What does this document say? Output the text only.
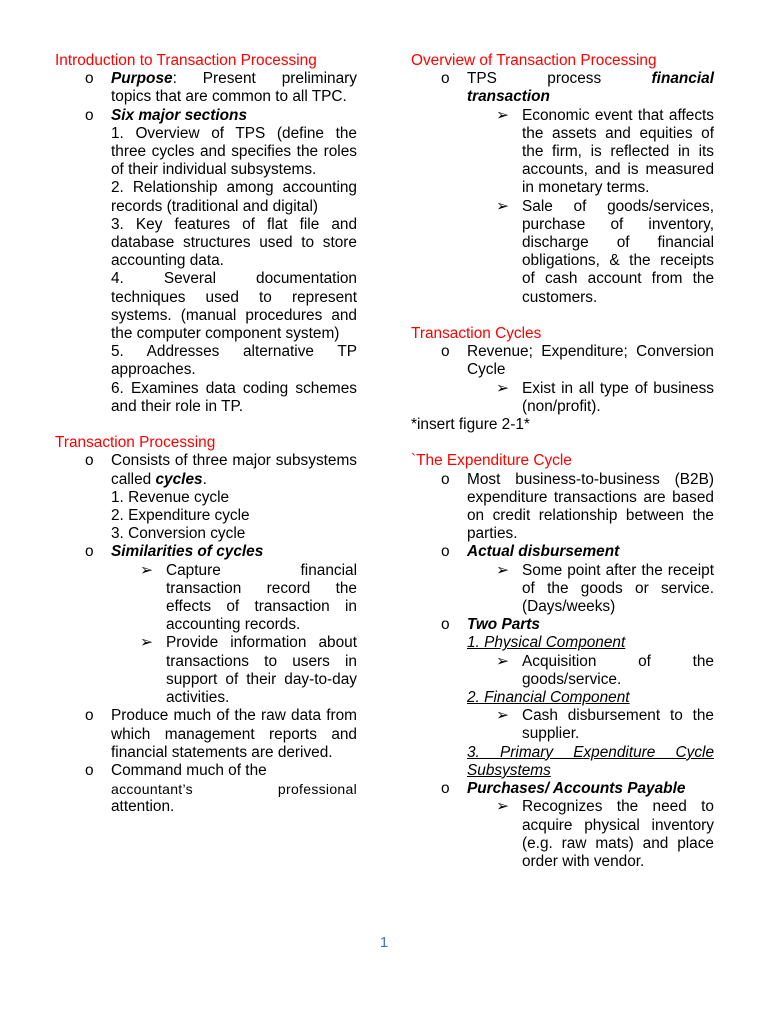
Introduction to Transaction Processing
o	Purpose: Present preliminary topics that are common to all TPC.
o	Six major sections
1. Overview of TPS (define the three cycles and specifies the roles of their individual subsystems.
2. Relationship among accounting records (traditional and digital)
3. Key features of flat file and database structures used to store accounting data.
4. Several documentation techniques used to represent systems. (manual procedures and the computer component system)
5. Addresses alternative TP approaches.
6. Examines data coding schemes and their role in TP.
Transaction Processing
o	Consists of three major subsystems called cycles.
1. Revenue cycle
2. Expenditure cycle
3. Conversion cycle
o	Similarities of cycles
➢ Capture financial transaction record the effects of transaction in accounting records.
➢ Provide information about transactions to users in support of their day-to-day activities.
o	Produce much of the raw data from which management reports and financial statements are derived.
o	Command much of the
accountant’s professional
attention.
Overview of Transaction Processing
o	TPS	process	financial
transaction
➢ Economic event that affects the assets and equities of the firm, is reflected in its accounts, and is measured in monetary terms.
➢ Sale of goods/services, purchase of inventory, discharge of financial obligations, & the receipts of cash account from the customers.
Transaction Cycles
o	Revenue; Expenditure; Conversion Cycle
➢ Exist in all type of business (non/profit).
*insert figure 2-1*
`The Expenditure Cycle
o	Most business-to-business (B2B) expenditure transactions are based on credit relationship between the parties.
o	Actual disbursement
➢ Some point after the receipt of the goods or service. (Days/weeks)
o	Two Parts
1. Physical Component
➢ Acquisition of the goods/service.
2. Financial Component
➢ Cash disbursement to the supplier.
3. Primary Expenditure Cycle Subsystems
o	Purchases/ Accounts Payable
➢ Recognizes the need to acquire physical inventory (e.g. raw mats) and place order with vendor.
1
